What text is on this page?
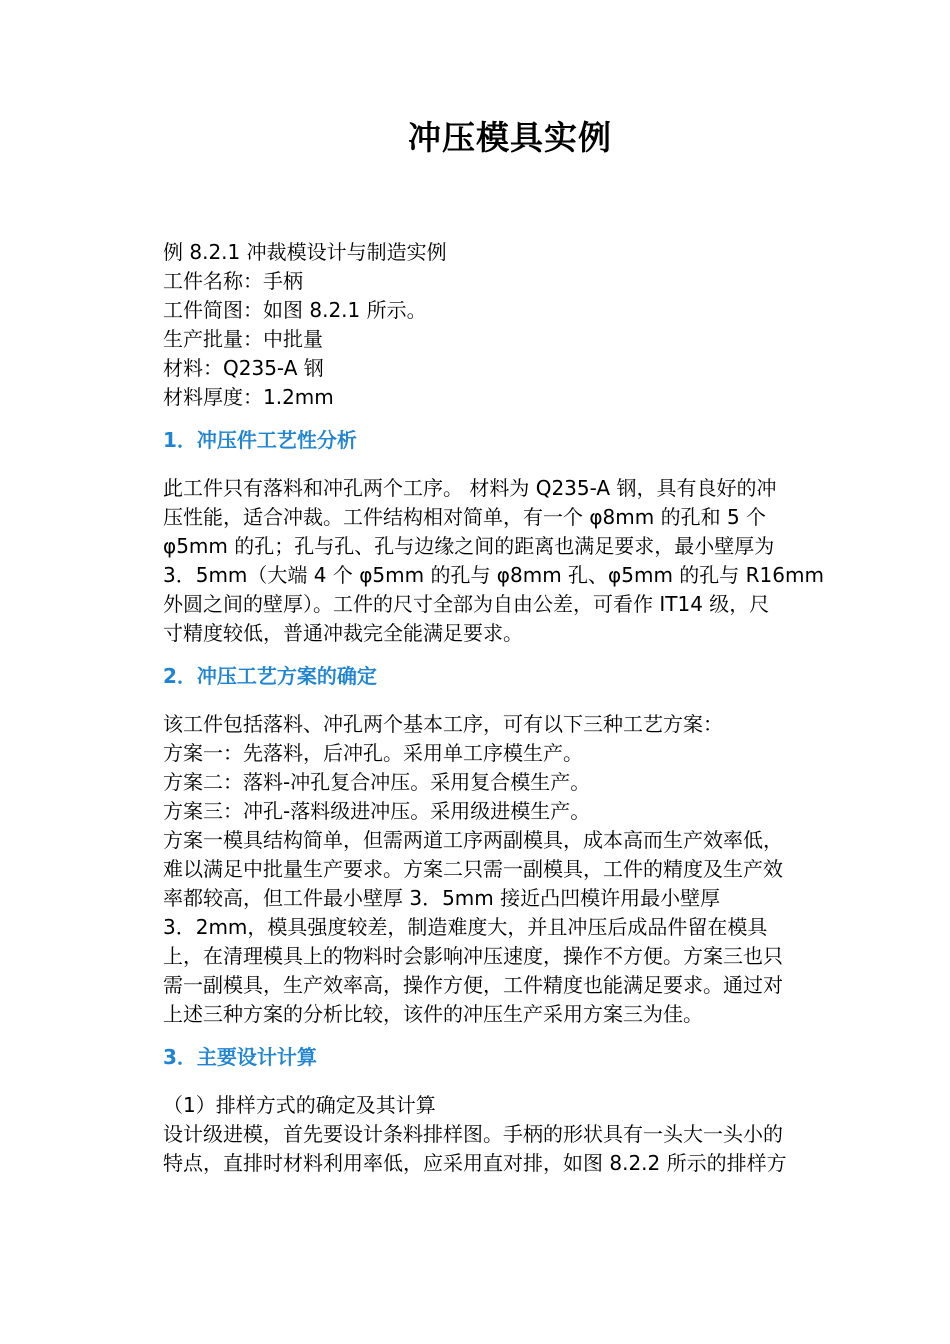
冲压模具实例
例 8.2.1 冲裁模设计与制造实例
工件名称：手柄
工件简图：如图 8.2.1 所示。
生产批量：中批量
材料：Q235-A 钢
材料厚度：1.2mm
1．冲压件工艺性分析
此工件只有落料和冲孔两个工序。 材料为 Q235-A 钢，具有良好的冲
压性能，适合冲裁。工件结构相对简单，有一个 φ8mm 的孔和 5 个
φ5mm 的孔；孔与孔、孔与边缘之间的距离也满足要求，最小壁厚为
3．5mm（大端 4 个 φ5mm 的孔与 φ8mm 孔、φ5mm 的孔与 R16mm
外圆之间的壁厚）。工件的尺寸全部为自由公差，可看作 IT14 级，尺
寸精度较低，普通冲裁完全能满足要求。
2．冲压工艺方案的确定
该工件包括落料、冲孔两个基本工序，可有以下三种工艺方案：
方案一：先落料，后冲孔。采用单工序模生产。
方案二：落料-冲孔复合冲压。采用复合模生产。
方案三：冲孔-落料级进冲压。采用级进模生产。
方案一模具结构简单，但需两道工序两副模具，成本高而生产效率低，
难以满足中批量生产要求。方案二只需一副模具，工件的精度及生产效
率都较高，但工件最小壁厚 3．5mm 接近凸凹模许用最小壁厚
3．2mm，模具强度较差，制造难度大，并且冲压后成品件留在模具
上，在清理模具上的物料时会影响冲压速度，操作不方便。方案三也只
需一副模具，生产效率高，操作方便，工件精度也能满足要求。通过对
上述三种方案的分析比较，该件的冲压生产采用方案三为佳。
3．主要设计计算
（1）排样方式的确定及其计算
设计级进模，首先要设计条料排样图。手柄的形状具有一头大一头小的
特点，直排时材料利用率低，应采用直对排，如图 8.2.2 所示的排样方
